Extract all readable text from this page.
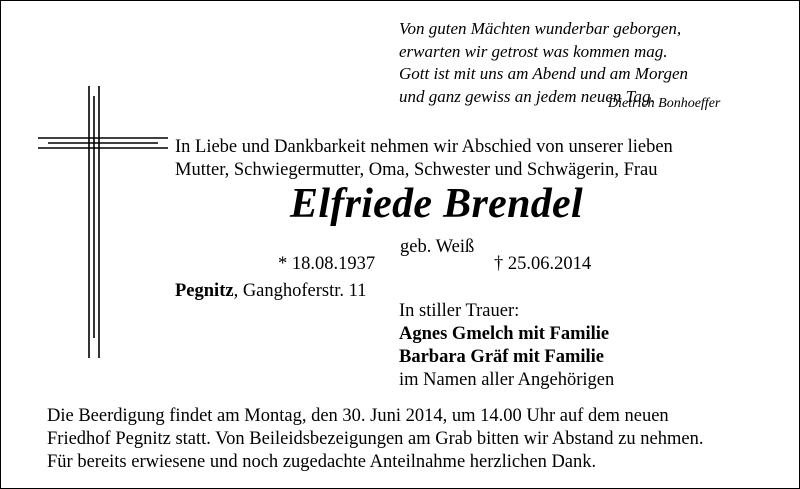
Von guten Mächten wunderbar geborgen,
erwarten wir getrost was kommen mag.
Gott ist mit uns am Abend und am Morgen
und ganz gewiss an jedem neuen Tag.
Dietrich Bonhoeffer
In Liebe und Dankbarkeit nehmen wir Abschied von unserer lieben
Mutter, Schwiegermutter, Oma, Schwester und Schwägerin, Frau
Elfriede Brendel
geb. Weiß
* 18.08.1937	† 25.06.2014
Pegnitz, Ganghoferstr. 11
In stiller Trauer:
Agnes Gmelch mit Familie
Barbara Gräf mit Familie
im Namen aller Angehörigen
Die Beerdigung findet am Montag, den 30. Juni 2014, um 14.00 Uhr auf dem neuen
Friedhof Pegnitz statt. Von Beileidsbezeigungen am Grab bitten wir Abstand zu nehmen.
Für bereits erwiesene und noch zugedachte Anteilnahme herzlichen Dank.
